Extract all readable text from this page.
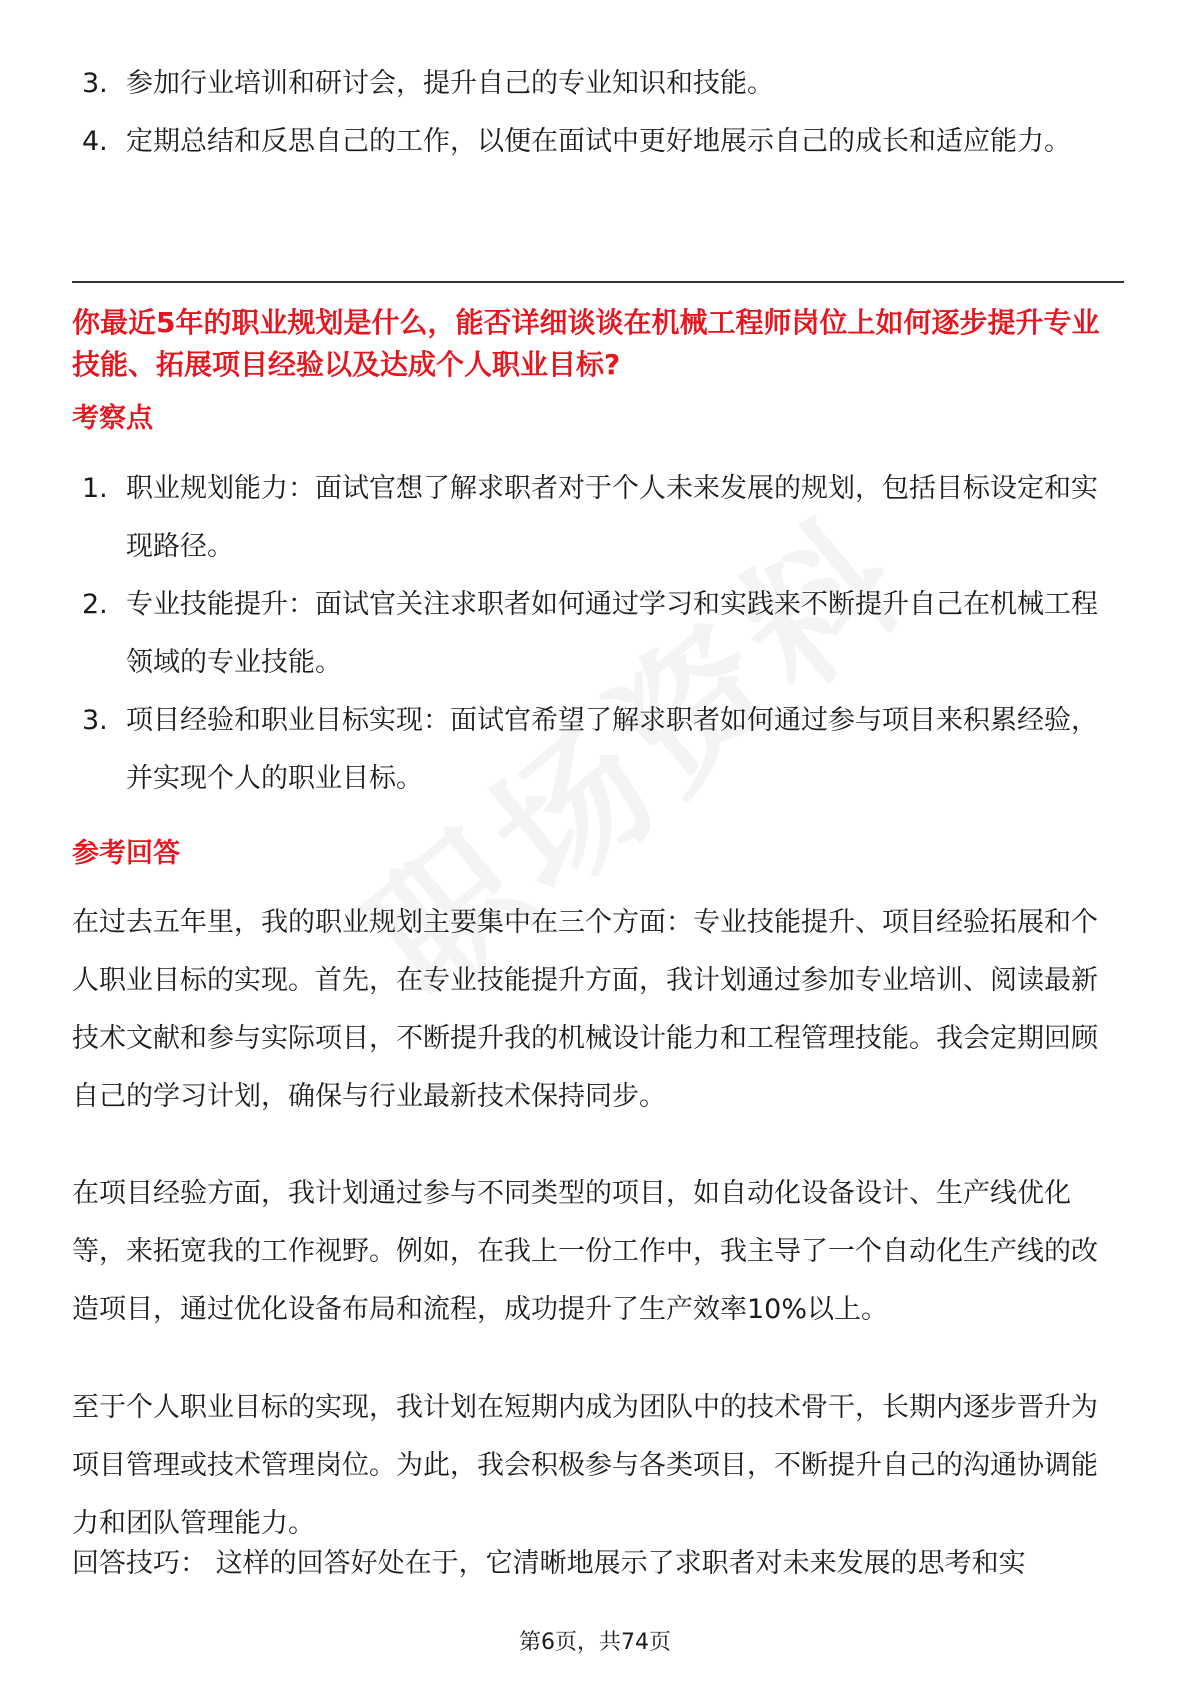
3. 参加行业培训和研讨会，提升自己的专业知识和技能。
4. 定期总结和反思自己的工作，以便在面试中更好地展示自己的成长和适应能力。
你最近5年的职业规划是什么，能否详细谈谈在机械工程师岗位上如何逐步提升专业技能、拓展项目经验以及达成个人职业目标?
考察点
1. 职业规划能力：面试官想了解求职者对于个人未来发展的规划，包括目标设定和实现路径。
2. 专业技能提升：面试官关注求职者如何通过学习和实践来不断提升自己在机械工程领域的专业技能。
3. 项目经验和职业目标实现：面试官希望了解求职者如何通过参与项目来积累经验，并实现个人的职业目标。
参考回答
在过去五年里，我的职业规划主要集中在三个方面：专业技能提升、项目经验拓展和个人职业目标的实现。首先，在专业技能提升方面，我计划通过参加专业培训、阅读最新技术文献和参与实际项目，不断提升我的机械设计能力和工程管理技能。我会定期回顾自己的学习计划，确保与行业最新技术保持同步。
在项目经验方面，我计划通过参与不同类型的项目，如自动化设备设计、生产线优化等，来拓宽我的工作视野。例如，在我上一份工作中，我主导了一个自动化生产线的改造项目，通过优化设备布局和流程，成功提升了生产效率10%以上。
至于个人职业目标的实现，我计划在短期内成为团队中的技术骨干，长期内逐步晋升为项目管理或技术管理岗位。为此，我会积极参与各类项目，不断提升自己的沟通协调能力和团队管理能力。
回答技巧： 这样的回答好处在于，它清晰地展示了求职者对未来发展的思考和实
第6页，共74页
